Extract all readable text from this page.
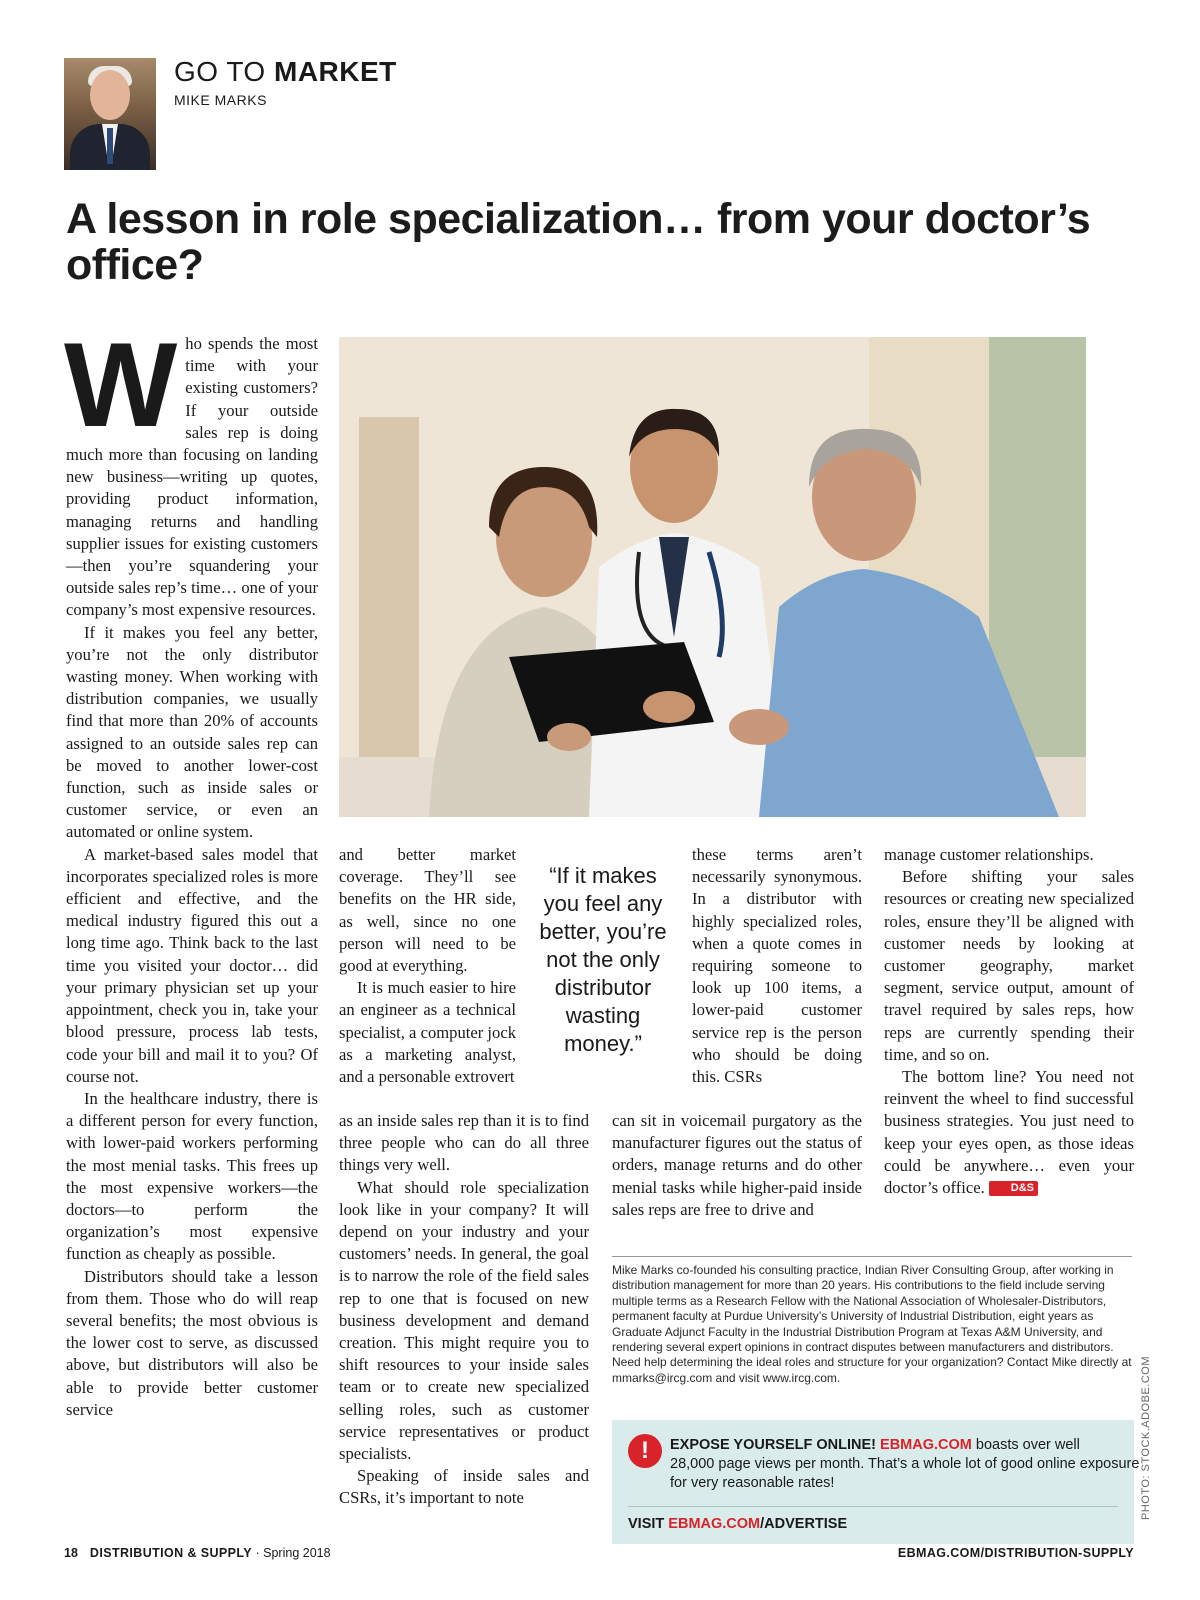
GO TO MARKET
MIKE MARKS
A lesson in role specialization… from your doctor’s office?
W ho spends the most time with your existing customers? If your outside sales rep is doing much more than focusing on landing new business—writing up quotes, providing product information, managing returns and handling supplier issues for existing customers—then you’re squandering your outside sales rep’s time… one of your company’s most expensive resources.

If it makes you feel any better, you’re not the only distributor wasting money. When working with distribution companies, we usually find that more than 20% of accounts assigned to an outside sales rep can be moved to another lower-cost function, such as inside sales or customer service, or even an automated or online system.

A market-based sales model that incorporates specialized roles is more efficient and effective, and the medical industry figured this out a long time ago. Think back to the last time you visited your doctor… did your primary physician set up your appointment, check you in, take your blood pressure, process lab tests, code your bill and mail it to you? Of course not.

In the healthcare industry, there is a different person for every function, with lower-paid workers performing the most menial tasks. This frees up the most expensive workers—the doctors—to perform the organization’s most expensive function as cheaply as possible.

Distributors should take a lesson from them. Those who do will reap several benefits; the most obvious is the lower cost to serve, as discussed above, but distributors will also be able to provide better customer service

and better market coverage. They’ll see benefits on the HR side, as well, since no one person will need to be good at everything.

It is much easier to hire an engineer as a technical specialist, a computer jock as a marketing analyst, and a personable extrovert

“If it makes you feel any better, you’re not the only distributor wasting money.”

as an inside sales rep than it is to find three people who can do all three things very well.

What should role specialization look like in your company? It will depend on your industry and your customers’ needs. In general, the goal is to narrow the role of the field sales rep to one that is focused on new business development and demand creation. This might require you to shift resources to your inside sales team or to create new specialized selling roles, such as customer service representatives or product specialists.

Speaking of inside sales and CSRs, it’s important to note

these terms aren’t necessarily synonymous. In a distributor with highly specialized roles, when a quote comes in requiring someone to look up 100 items, a lower-paid customer service rep is the person who should be doing this. CSRs

can sit in voicemail purgatory as the manufacturer figures out the status of orders, manage returns and do other menial tasks while higher-paid inside sales reps are free to drive and

manage customer relationships.

Before shifting your sales resources or creating new specialized roles, ensure they’ll be aligned with customer needs by looking at customer geography, market segment, service output, amount of travel required by sales reps, how reps are currently spending their time, and so on.

The bottom line? You need not reinvent the wheel to find successful business strategies. You just need to keep your eyes open, as those ideas could be anywhere… even your doctor’s office. D&S

Mike Marks co-founded his consulting practice, Indian River Consulting Group, after working in distribution management for more than 20 years. His contributions to the field include serving multiple terms as a Research Fellow with the National Association of Wholesaler-Distributors, permanent faculty at Purdue University’s University of Industrial Distribution, eight years as Graduate Adjunct Faculty in the Industrial Distribution Program at Texas A&M University, and rendering several expert opinions in contract disputes between manufacturers and distributors. Need help determining the ideal roles and structure for your organization? Contact Mike directly at mmarks@ircg.com and visit www.ircg.com.
!	EXPOSE YOURSELF ONLINE! EBMAG.COM boasts over well
28,000 page views per month. That’s a whole lot of good online exposure for very reasonable rates!
VISIT EBMAG.COM/ADVERTISE
PHOTO: STOCK.ADOBE.COM
18 DISTRIBUTION & SUPPLY · Spring 2018	EBMAG.COM/DISTRIBUTION-SUPPLY
